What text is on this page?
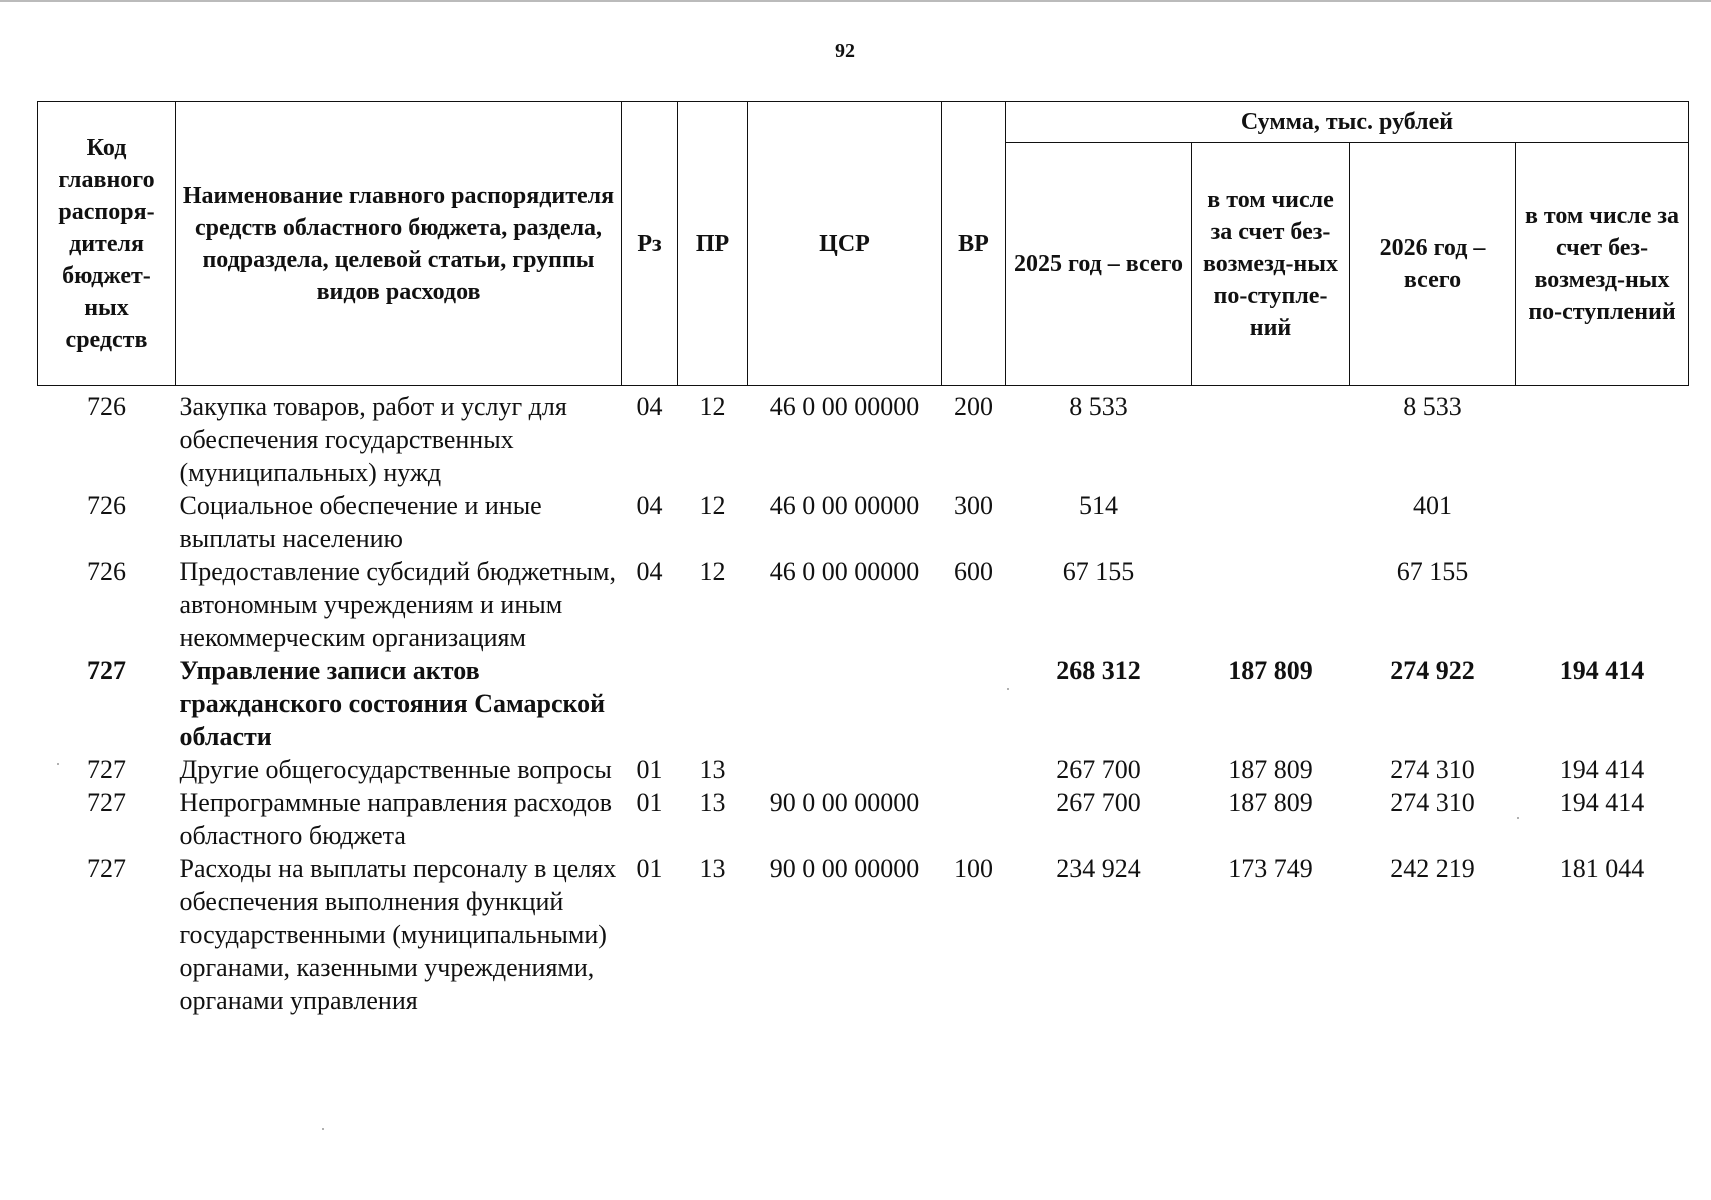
92
Код главного распоря-дителя бюджет-ных средств	Наименование главного распорядителя средств областного бюджета, раздела, подраздела, целевой статьи, группы видов расходов	Рз	ПР	ЦСР	ВР	Сумма, тыс. рублей			
						2025 год – всего	в том числе за счет без-возмезд-ных по-ступле-ний	2026 год – всего	в том числе за счет без-возмезд-ных по-ступлений
726	Закупка товаров, работ и услуг для обеспечения государственных (муниципальных) нужд	04	12	46 0 00 00000	200	8 533		8 533	
726	Социальное обеспечение и иные выплаты населению	04	12	46 0 00 00000	300	514		401	
726	Предоставление субсидий бюджетным, автономным учреждениям и иным некоммерческим организациям	04	12	46 0 00 00000	600	67 155		67 155	
727	Управление записи актов гражданского состояния Самарской области					268 312	187 809	274 922	194 414
727	Другие общегосударственные вопросы	01	13			267 700	187 809	274 310	194 414
727	Непрограммные направления расходов областного бюджета	01	13	90 0 00 00000		267 700	187 809	274 310	194 414
727	Расходы на выплаты персоналу в целях обеспечения выполнения функций государственными (муниципальными) органами, казенными учреждениями, органами управления	01	13	90 0 00 00000	100	234 924	173 749	242 219	181 044
